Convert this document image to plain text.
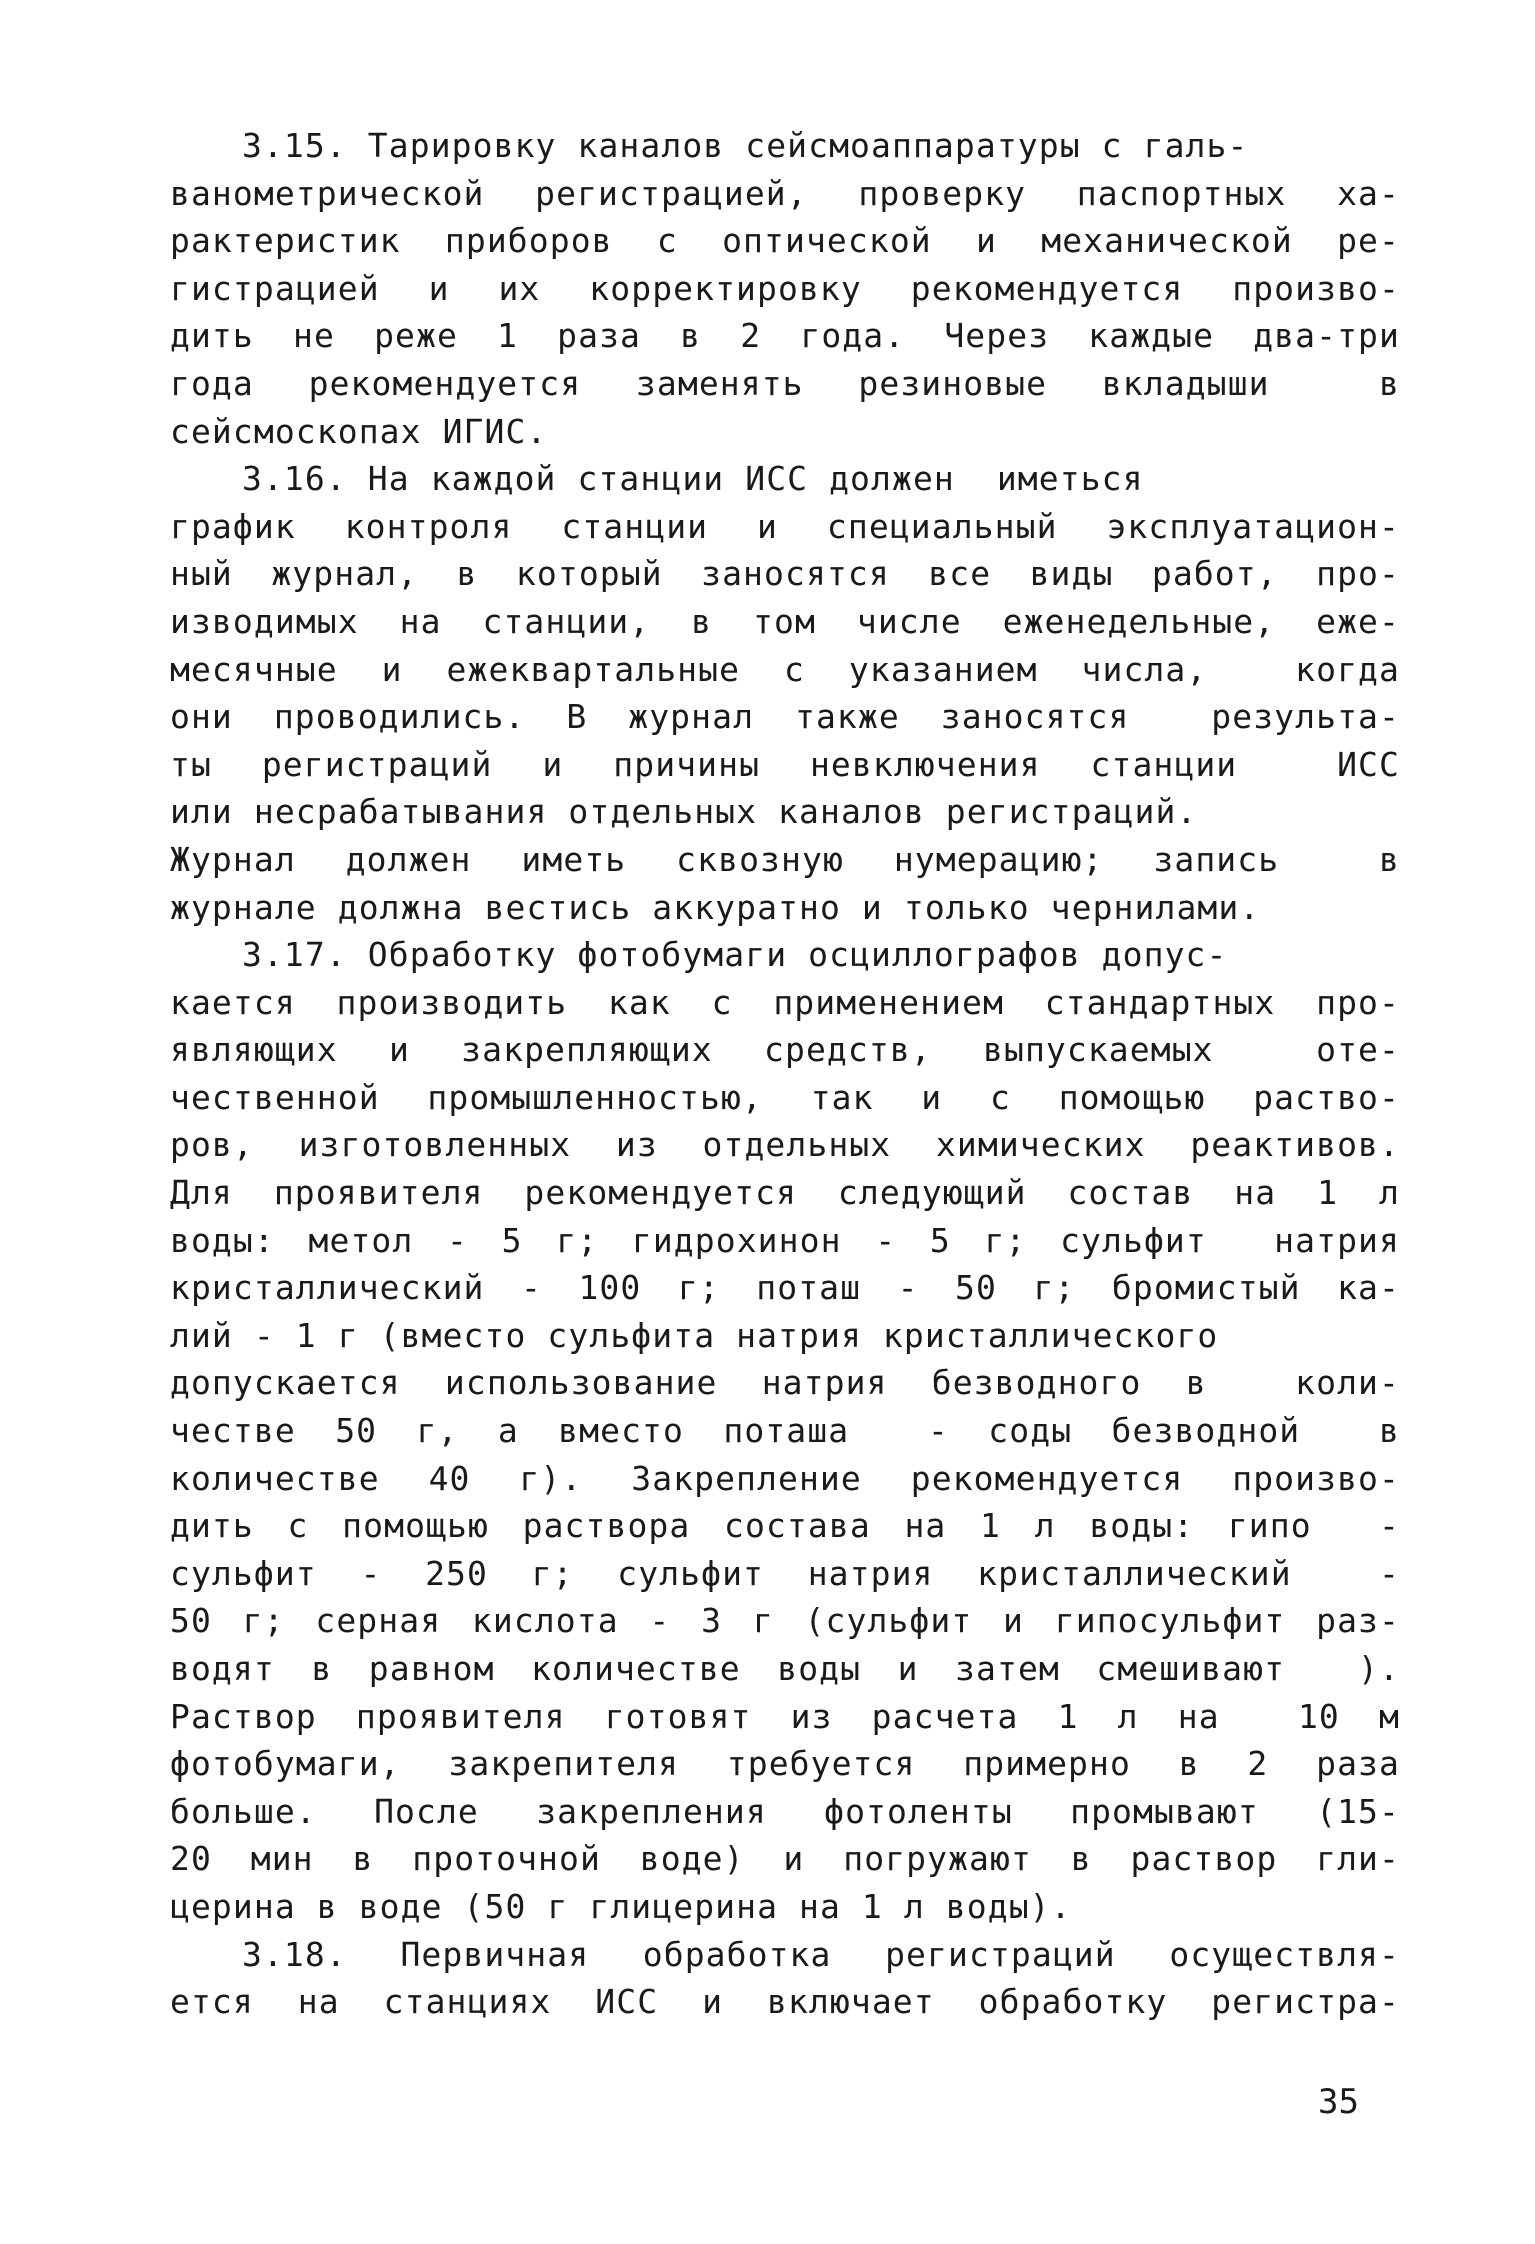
3.15. Тарировку каналов сейсмоаппаратуры с галь-
ванометрической регистрацией, проверку паспортных ха-
рактеристик приборов с оптической и механической ре-
гистрацией и их корректировку рекомендуется произво-
дить не реже 1 раза в 2 года. Через каждые два-три
года рекомендуется заменять резиновые вкладыши  в
сейсмоскопах ИГИС.
3.16. На каждой станции ИСС должен  иметься
график контроля станции и специальный эксплуатацион-
ный журнал, в который заносятся все виды работ, про-
изводимых на станции, в том числе еженедельные, еже-
месячные и ежеквартальные с указанием числа,  когда
они проводились. В журнал также заносятся  результа-
ты регистраций и причины невключения станции  ИСС
или несрабатывания отдельных каналов регистраций.
Журнал должен иметь сквозную нумерацию; запись  в
журнале должна вестись аккуратно и только чернилами.
3.17. Обработку фотобумаги осциллографов допус-
кается производить как с применением стандартных про-
являющих и закрепляющих средств, выпускаемых  оте-
чественной промышленностью, так и с помощью раство-
ров, изготовленных из отдельных химических реактивов.
Для проявителя рекомендуется следующий состав на 1 л
воды: метол - 5 г; гидрохинон - 5 г; сульфит  натрия
кристаллический - 100 г; поташ - 50 г; бромистый ка-
лий - 1 г (вместо сульфита натрия кристаллического
допускается использование натрия безводного в  коли-
честве 50 г, а вместо поташа  - соды безводной  в
количестве 40 г). Закрепление рекомендуется произво-
дить с помощью раствора состава на 1 л воды: гипо  -
сульфит - 250 г; сульфит натрия кристаллический  -
50 г; серная кислота - 3 г (сульфит и гипосульфит раз-
водят в равном количестве воды и затем смешивают  ).
Раствор проявителя готовят из расчета 1 л на  10 м
фотобумаги, закрепителя требуется примерно в 2 раза
больше. После закрепления фотоленты промывают (15-
20 мин в проточной воде) и погружают в раствор гли-
церина в воде (50 г глицерина на 1 л воды).
3.18. Первичная обработка регистраций осуществля-
ется на станциях ИСС и включает обработку регистра-
35
